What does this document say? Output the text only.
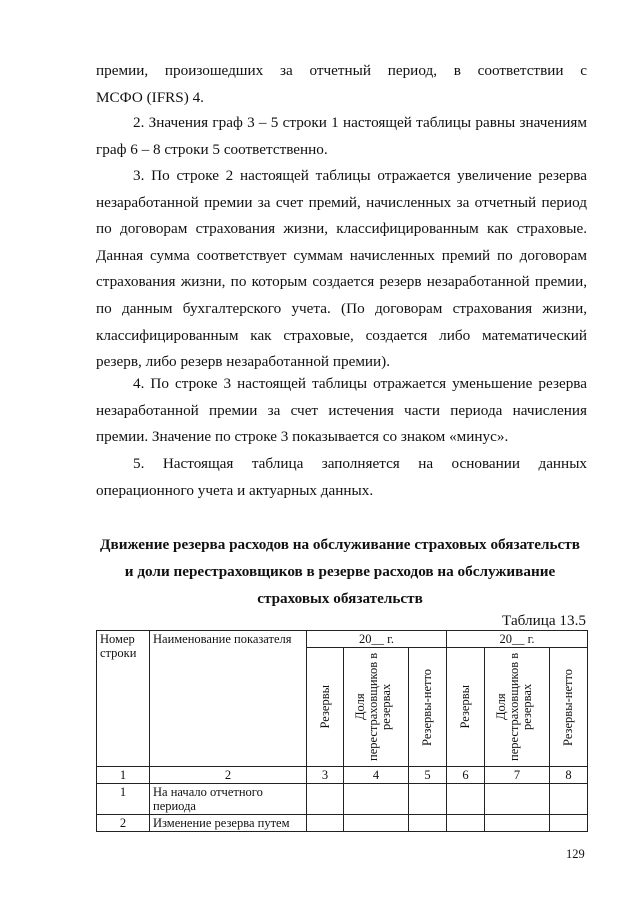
премии, произошедших за отчетный период, в соответствии с
МСФО (IFRS) 4.

2. Значения граф 3 – 5 строки 1 настоящей таблицы равны значениям граф 6 – 8 строки 5 соответственно.

3. По строке 2 настоящей таблицы отражается увеличение резерва незаработанной премии за счет премий, начисленных за отчетный период по договорам страхования жизни, классифицированным как страховые. Данная сумма соответствует суммам начисленных премий по договорам страхования жизни, по которым создается резерв незаработанной премии, по данным бухгалтерского учета. (По договорам страхования жизни, классифицированным как страховые, создается либо математический резерв, либо резерв незаработанной премии).

4. По строке 3 настоящей таблицы отражается уменьшение резерва незаработанной премии за счет истечения части периода начисления премии. Значение по строке 3 показывается со знаком «минус».

5. Настоящая таблица заполняется на основании данных операционного учета и актуарных данных.

Движение резерва расходов на обслуживание страховых обязательств

и доли перестраховщиков в резерве расходов на обслуживание

страховых обязательств

Таблица 13.5
Номер строки	Наименование показателя	20__ г.			20__ г.		

		Резервы	Доля перестраховщиков в резервах	Резервы-нетто	Резервы	Доля перестраховщиков в резервах	Резервы-нетто

1	2	3	4	5	6	7	8
1	На начало отчетного периода						
2	Изменение резерва путем						
129
